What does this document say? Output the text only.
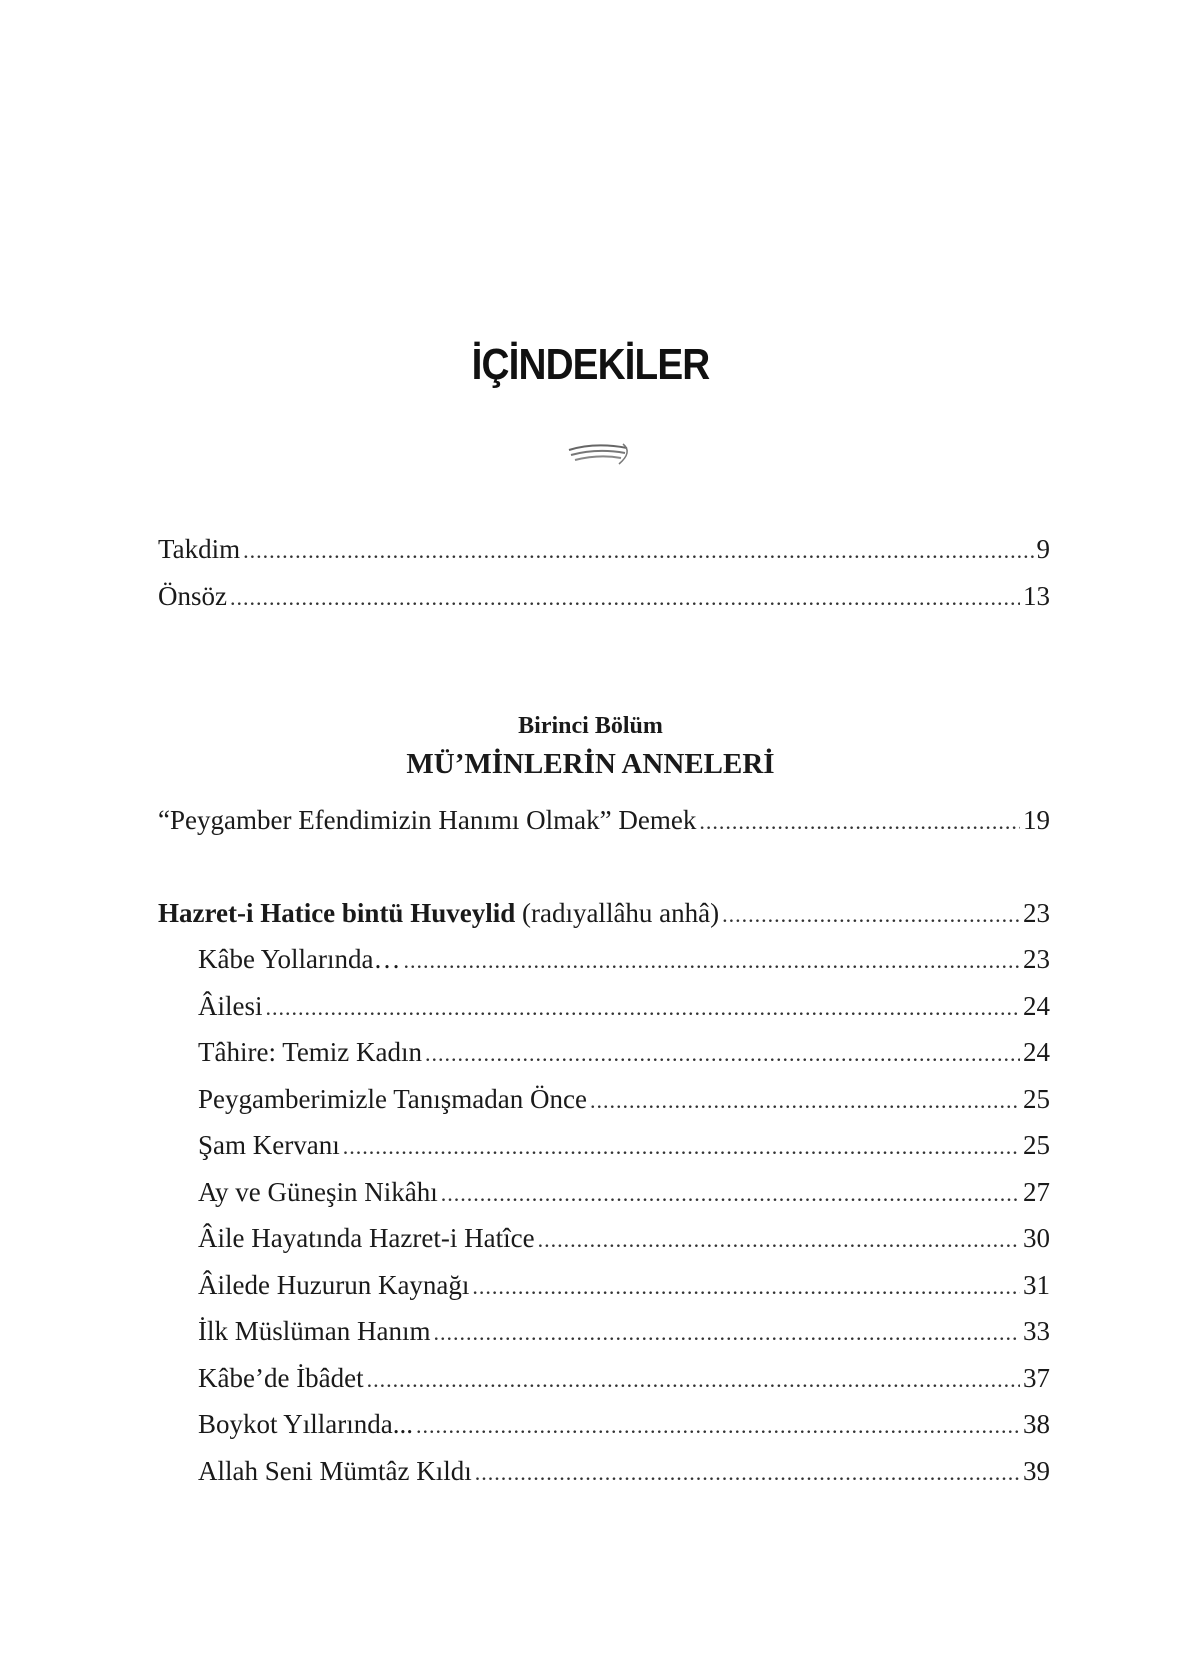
İÇİNDEKİLER
Takdim .....	9
Önsöz .....	13
“Peygamber Efendimizin Hanımı Olmak” Demek .....	19
Hazret-i Hatice bintü Huveylid (radıyallâhu anhâ) .....	23
Kâbe Yollarında… .....	23
Âilesi .....	24
Tâhire: Temiz Kadın .....	24
Peygamberimizle Tanışmadan Önce .....	25
Şam Kervanı .....	25
Ay ve Güneşin Nikâhı .....	27
Âile Hayatında Hazret-i Hatîce .....	30
Âilede Huzurun Kaynağı .....	31
İlk Müslüman Hanım .....	33
Kâbe’de İbâdet .....	37
Boykot Yıllarında... .....	38
Allah Seni Mümtâz Kıldı .....	39
Birinci Bölüm
MÜ’MİNLERİN ANNELERİ
